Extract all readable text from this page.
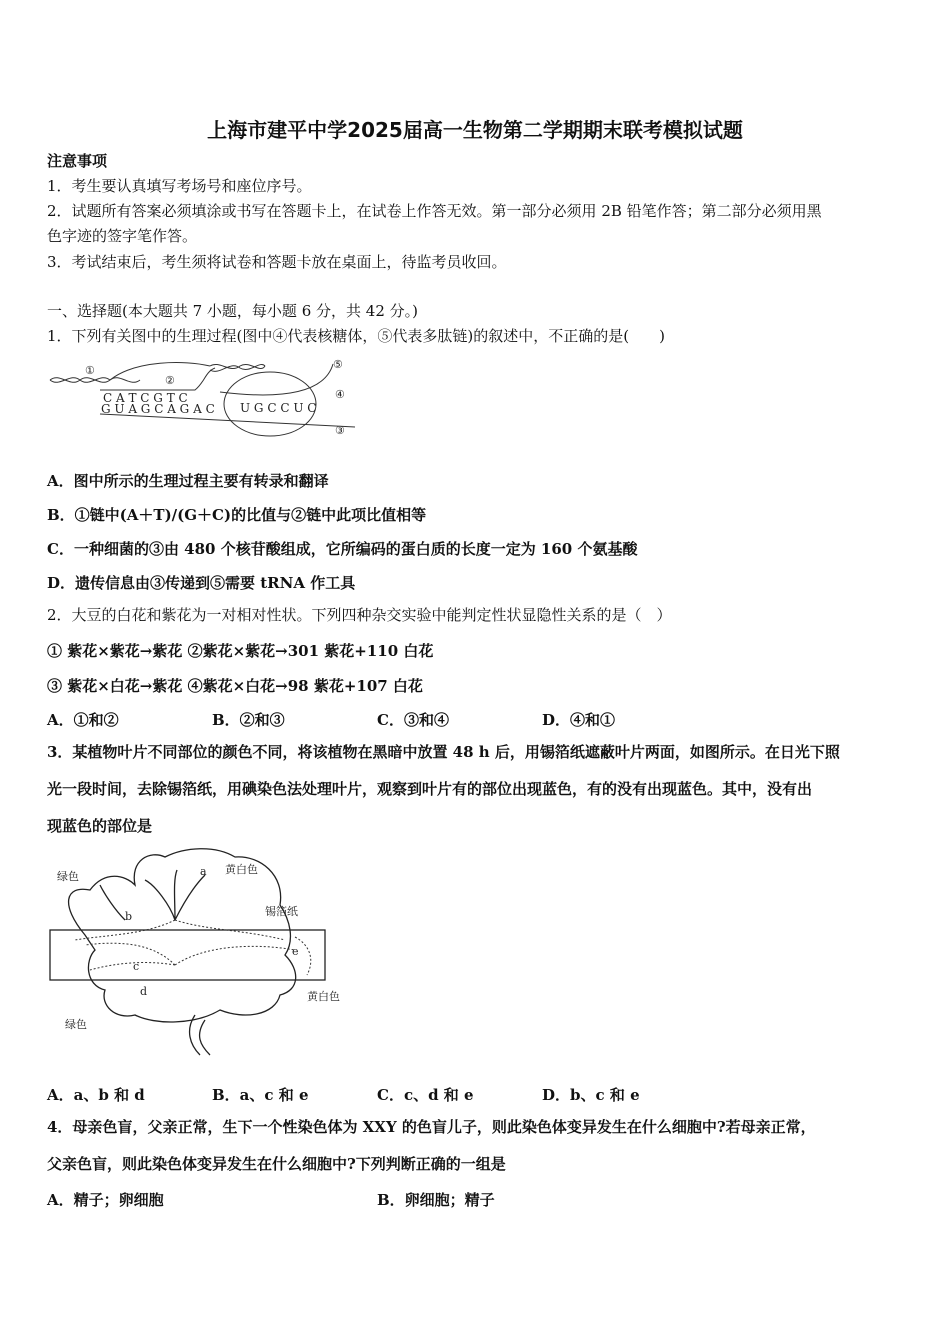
上海市建平中学2025届高一生物第二学期期末联考模拟试题
注意事项
1．考生要认真填写考场号和座位序号。
2．试题所有答案必须填涂或书写在答题卡上，在试卷上作答无效。第一部分必须用 2B 铅笔作答；第二部分必须用黑
色字迹的签字笔作答。
3．考试结束后，考生须将试卷和答题卡放在桌面上，待监考员收回。
一、选择题(本大题共 7 小题，每小题 6 分，共 42 分。)
1．下列有关图中的生理过程(图中④代表核糖体，⑤代表多肽链)的叙述中，不正确的是(　　)
①
②
③
④
⑤
C A T C G T C
G U A G C A G A C U G C C U C
A．图中所示的生理过程主要有转录和翻译
B．①链中(A＋T)/(G＋C)的比值与②链中此项比值相等
C．一种细菌的③由 480 个核苷酸组成，它所编码的蛋白质的长度一定为 160 个氨基酸
D．遗传信息由③传递到⑤需要 tRNA 作工具
2．大豆的白花和紫花为一对相对性状。下列四种杂交实验中能判定性状显隐性关系的是（　）
① 紫花×紫花→紫花 ②紫花×紫花→301 紫花+110 白花
③ 紫花×白花→紫花 ④紫花×白花→98 紫花+107 白花
A．①和②	B．②和③	C．③和④	D．④和①
3．某植物叶片不同部位的颜色不同，将该植物在黑暗中放置 48 h 后，用锡箔纸遮蔽叶片两面，如图所示。在日光下照
光一段时间，去除锡箔纸，用碘染色法处理叶片，观察到叶片有的部位出现蓝色，有的没有出现蓝色。其中，没有出
现蓝色的部位是
绿色
黄白色
锡箔纸
黄白色
绿色
a
b
c
d
e
A．a、b 和 d	B．a、c 和 e	C．c、d 和 e	D．b、c 和 e
4．母亲色盲，父亲正常，生下一个性染色体为 XXY 的色盲儿子，则此染色体变异发生在什么细胞中?若母亲正常，
父亲色盲，则此染色体变异发生在什么细胞中?下列判断正确的一组是
A．精子；卵细胞	B．卵细胞；精子
